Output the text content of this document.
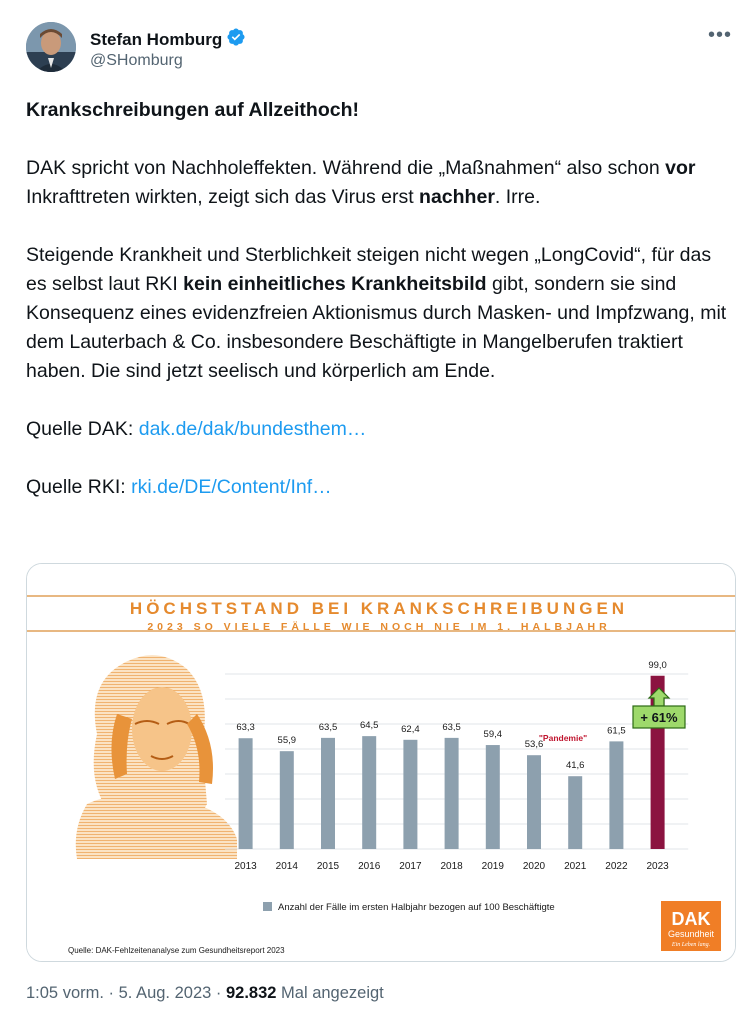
Stefan Homburg
@SHomburg
•••

Krankschreibungen auf Allzeithoch!

DAK spricht von Nachholeffekten. Während die „Maßnahmen“ also schon vor Inkrafttreten wirkten, zeigt sich das Virus erst nachher. Irre.

Steigende Krankheit und Sterblichkeit steigen nicht wegen „LongCovid“, für das es selbst laut RKI kein einheitliches Krankheitsbild gibt, sondern sie sind Konsequenz eines evidenzfreien Aktionismus durch Masken- und Impfzwang, mit dem Lauterbach & Co. insbesondere Beschäftigte in Mangelberufen traktiert haben. Die sind jetzt seelisch und körperlich am Ende.

Quelle DAK: dak.de/dak/bundesthem…

Quelle RKI: rki.de/DE/Content/Inf…

HÖCHSTSTAND BEI KRANKSCHREIBUNGEN
2023 SO VIELE FÄLLE WIE NOCH NIE IM 1. HALBJAHR
63,3
55,9
63,5 64,5 62,4 63,5
59,4
53,6
41,6
61,5
99,0
2013 2014 2015 2016 2017 2018 2019 2020 2021 2022 2023
"Pandemie"
+ 61%
Anzahl der Fälle im ersten Halbjahr bezogen auf 100 Beschäftigte
Quelle: DAK-Fehlzeitenanalyse zum Gesundheitsreport 2023
DAK
Gesundheit
Ein Leben lang.
1:05 vorm. · 5. Aug. 2023 · 92.832 Mal angezeigt
